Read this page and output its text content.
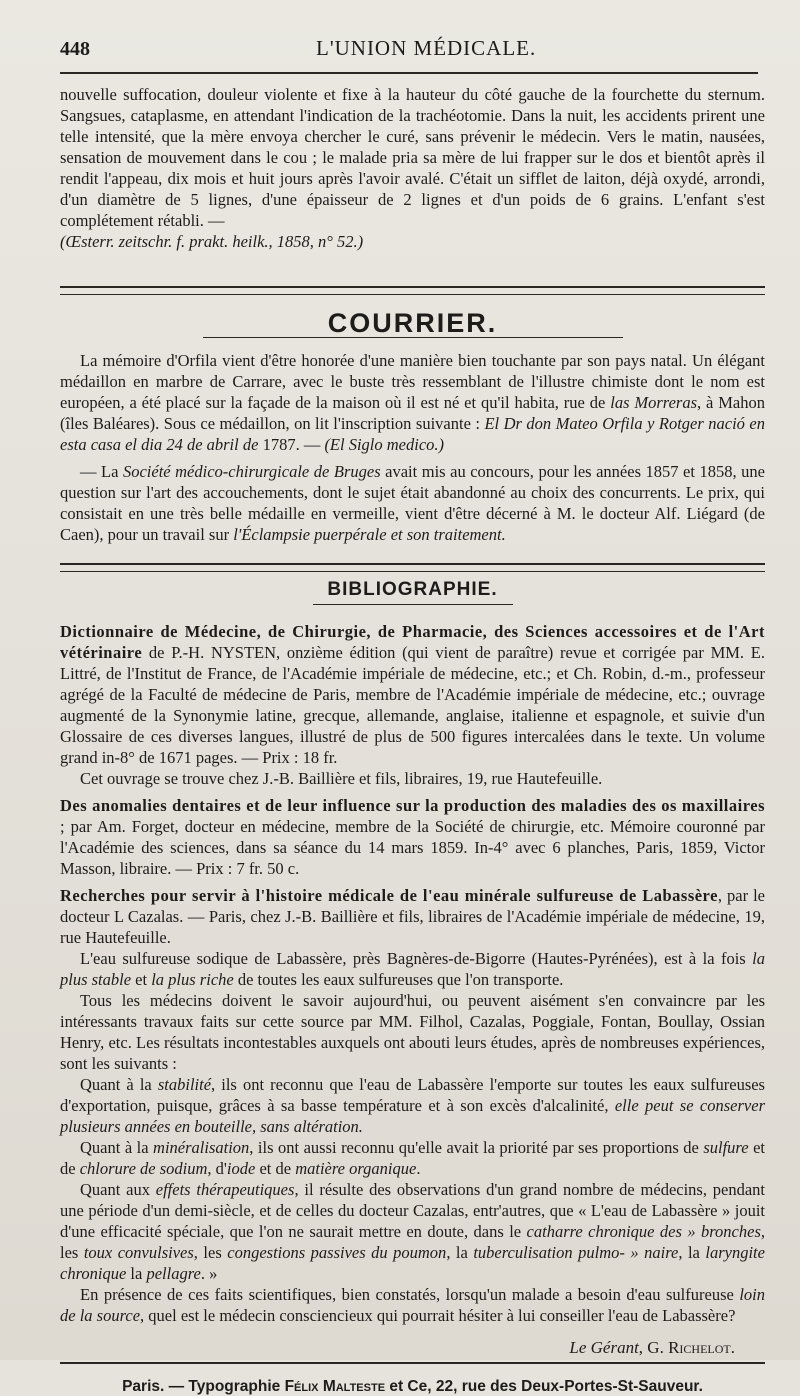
448	L'UNION MÉDICALE.

nouvelle suffocation, douleur violente et fixe à la hauteur du côté gauche de la fourchette du sternum. Sangsues, cataplasme, en attendant l'indication de la trachéotomie. Dans la nuit, les accidents prirent une telle intensité, que la mère envoya chercher le curé, sans prévenir le médecin. Vers le matin, nausées, sensation de mouvement dans le cou ; le malade pria sa mère de lui frapper sur le dos et bientôt après il rendit l'appeau, dix mois et huit jours après l'avoir avalé. C'était un sifflet de laiton, déjà oxydé, arrondi, d'un diamètre de 5 lignes, d'une épaisseur de 2 lignes et d'un poids de 6 grains. L'enfant s'est complétement rétabli. —
(Œsterr. zeitschr. f. prakt. heilk., 1858, n° 52.)

COURRIER.

La mémoire d'Orfila vient d'être honorée d'une manière bien touchante par son pays natal. Un élégant médaillon en marbre de Carrare, avec le buste très ressemblant de l'illustre chimiste dont le nom est européen, a été placé sur la façade de la maison où il est né et qu'il habita, rue de las Morreras, à Mahon (îles Baléares). Sous ce médaillon, on lit l'inscription suivante : El Dr don Mateo Orfila y Rotger nació en esta casa el dia 24 de abril de 1787. — (El Siglo medico.)

— La Société médico-chirurgicale de Bruges avait mis au concours, pour les années 1857 et 1858, une question sur l'art des accouchements, dont le sujet était abandonné au choix des concurrents. Le prix, qui consistait en une très belle médaille en vermeille, vient d'être décerné à M. le docteur Alf. Liégard (de Caen), pour un travail sur l'Éclampsie puerpérale et son traitement.

BIBLIOGRAPHIE.

Dictionnaire de Médecine, de Chirurgie, de Pharmacie, des Sciences accessoires et de l'Art vétérinaire de P.-H. NYSTEN, onzième édition (qui vient de paraître) revue et corrigée par MM. E. Littré, de l'Institut de France, de l'Académie impériale de médecine, etc.; et Ch. Robin, d.-m., professeur agrégé de la Faculté de médecine de Paris, membre de l'Académie impériale de médecine, etc.; ouvrage augmenté de la Synonymie latine, grecque, allemande, anglaise, italienne et espagnole, et suivie d'un Glossaire de ces diverses langues, illustré de plus de 500 figures intercalées dans le texte. Un volume grand in-8° de 1671 pages. — Prix : 18 fr.

Cet ouvrage se trouve chez J.-B. Baillière et fils, libraires, 19, rue Hautefeuille.

Des anomalies dentaires et de leur influence sur la production des maladies des os maxillaires ; par Am. Forget, docteur en médecine, membre de la Société de chirurgie, etc. Mémoire couronné par l'Académie des sciences, dans sa séance du 14 mars 1859. In-4° avec 6 planches, Paris, 1859, Victor Masson, libraire. — Prix : 7 fr. 50 c.

Recherches pour servir à l'histoire médicale de l'eau minérale sulfureuse de Labassère, par le docteur L Cazalas. — Paris, chez J.-B. Baillière et fils, libraires de l'Académie impériale de médecine, 19, rue Hautefeuille.

L'eau sulfureuse sodique de Labassère, près Bagnères-de-Bigorre (Hautes-Pyrénées), est à la fois la plus stable et la plus riche de toutes les eaux sulfureuses que l'on transporte.

Tous les médecins doivent le savoir aujourd'hui, ou peuvent aisément s'en convaincre par les intéressants travaux faits sur cette source par MM. Filhol, Cazalas, Poggiale, Fontan, Boullay, Ossian Henry, etc. Les résultats incontestables auxquels ont abouti leurs études, après de nombreuses expériences, sont les suivants :

Quant à la stabilité, ils ont reconnu que l'eau de Labassère l'emporte sur toutes les eaux sulfureuses d'exportation, puisque, grâces à sa basse température et à son excès d'alcalinité, elle peut se conserver plusieurs années en bouteille, sans altération.

Quant à la minéralisation, ils ont aussi reconnu qu'elle avait la priorité par ses proportions de sulfure et de chlorure de sodium, d'iode et de matière organique.

Quant aux effets thérapeutiques, il résulte des observations d'un grand nombre de médecins, pendant une période d'un demi-siècle, et de celles du docteur Cazalas, entr'autres, que « L'eau de Labassère » jouit d'une efficacité spéciale, que l'on ne saurait mettre en doute, dans le catharre chronique des » bronches, les toux convulsives, les congestions passives du poumon, la tuberculisation pulmo- » naire, la laryngite chronique la pellagre. »

En présence de ces faits scientifiques, bien constatés, lorsqu'un malade a besoin d'eau sulfureuse loin de la source, quel est le médecin consciencieux qui pourrait hésiter à lui conseiller l'eau de Labassère?

Le Gérant, G. Richelot.
Paris. — Typographie Félix Malteste et Ce, 22, rue des Deux-Portes-St-Sauveur.
